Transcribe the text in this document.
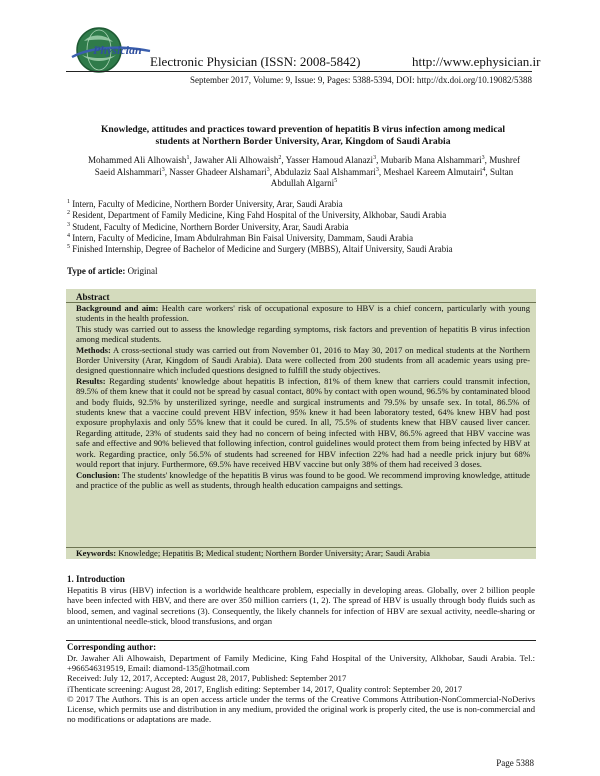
Physician
Electronic Physician (ISSN: 2008-5842)	http://www.ephysician.ir
September 2017, Volume: 9, Issue: 9, Pages: 5388-5394, DOI: http://dx.doi.org/10.19082/5388
Knowledge, attitudes and practices toward prevention of hepatitis B virus infection among medical
students at Northern Border University, Arar, Kingdom of Saudi Arabia
Mohammed Ali Alhowaish$^1$, Jawaher Ali Alhowaish$^2$, Yasser Hamoud Alanazi$^3$, Mubarib Mana Alshammari$^3$, Mushref Saeid Alshammari$^3$, Nasser Ghadeer Alshamari$^3$, Abdulaziz Saal Alshammari$^3$, Meshael Kareem Almutairi$^4$, Sultan Abdullah Algarni$^5$
$^1$ Intern, Faculty of Medicine, Northern Border University, Arar, Saudi Arabia
$^2$ Resident, Department of Family Medicine, King Fahd Hospital of the University, Alkhobar, Saudi Arabia
$^3$ Student, Faculty of Medicine, Northern Border University, Arar, Saudi Arabia
$^4$ Intern, Faculty of Medicine, Imam Abdulrahman Bin Faisal University, Dammam, Saudi Arabia
$^5$ Finished Internship, Degree of Bachelor of Medicine and Surgery (MBBS), Altaif University, Saudi Arabia
Type of article: Original
Abstract

Background and aim: Health care workers' risk of occupational exposure to HBV is a chief concern, particularly with young students in the health profession.

This study was carried out to assess the knowledge regarding symptoms, risk factors and prevention of hepatitis B virus infection among medical students.

Methods: A cross-sectional study was carried out from November 01, 2016 to May 30, 2017 on medical students at the Northern Border University (Arar, Kingdom of Saudi Arabia). Data were collected from 200 students from all academic years using pre-designed questionnaire which included questions designed to fulfill the study objectives.

Results: Regarding students' knowledge about hepatitis B infection, 81% of them knew that carriers could transmit infection, 89.5% of them knew that it could not be spread by casual contact, 80% by contact with open wound, 96.5% by contaminated blood and body fluids, 92.5% by unsterilized syringe, needle and surgical instruments and 79.5% by unsafe sex. In total, 86.5% of students knew that a vaccine could prevent HBV infection, 95% knew it had been laboratory tested, 64% knew HBV had post exposure prophylaxis and only 55% knew that it could be cured. In all, 75.5% of students knew that HBV caused liver cancer. Regarding attitude, 23% of students said they had no concern of being infected with HBV, 86.5% agreed that HBV vaccine was safe and effective and 90% believed that following infection, control guidelines would protect them from being infected by HBV at work. Regarding practice, only 56.5% of students had screened for HBV infection 22% had had a needle prick injury but 68% would report that injury. Furthermore, 69.5% have received HBV vaccine but only 38% of them had received 3 doses.

Conclusion: The students' knowledge of the hepatitis B virus was found to be good. We recommend improving knowledge, attitude and practice of the public as well as students, through health education campaigns and settings.

Keywords: Knowledge; Hepatitis B; Medical student; Northern Border University; Arar; Saudi Arabia
1. Introduction
Hepatitis B virus (HBV) infection is a worldwide healthcare problem, especially in developing areas. Globally, over 2 billion people have been infected with HBV, and there are over 350 million carriers (1, 2). The spread of HBV is usually through body fluids such as blood, semen, and vaginal secretions (3). Consequently, the likely channels for infection of HBV are sexual activity, needle-sharing or an unintentional needle-stick, blood transfusions, and organ
Corresponding author:

Dr. Jawaher Ali Alhowaish, Department of Family Medicine, King Fahd Hospital of the University, Alkhobar, Saudi Arabia. Tel.: +966546319519, Email: diamond-135@hotmail.com

Received: July 12, 2017, Accepted: August 28, 2017, Published: September 2017

iThenticate screening: August 28, 2017, English editing: September 14, 2017, Quality control: September 20, 2017

© 2017 The Authors. This is an open access article under the terms of the Creative Commons Attribution-NonCommercial-NoDerivs License, which permits use and distribution in any medium, provided the original work is properly cited, the use is non-commercial and no modifications or adaptations are made.

Page 5388
